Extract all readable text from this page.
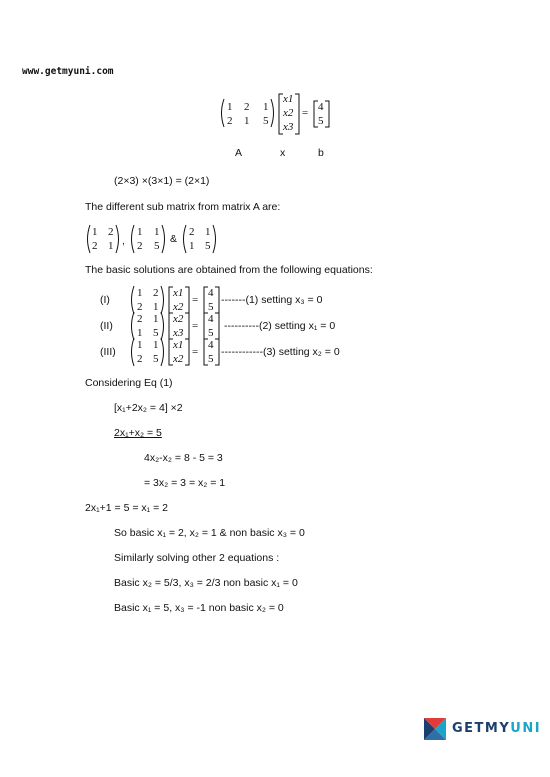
www.getmyuni.com
1 2 1
2 1 5
x1
x2
x3
= 4
5
A	x	b
(2×3) ×(3×1) = (2×1)
The different sub matrix from matrix A are:
1 2
2 1 ,
1 1
2 5
&
2 1
1 5
The basic solutions are obtained from the following equations:
(I)
1 2
2 1
x1
x2
=
4
5
-------(1) setting x₃ = 0
(II)
2 1
1 5
x2
x3
=
4
5
----------(2) setting x₁ = 0
(III)
1 1
2 5
x1
x2
=
4
5
------------(3) setting x₂ = 0
Considering Eq (1)
[x₁+2x₂ = 4] ×2
2x₁+x₂ = 5
4x₂-x₂ = 8 - 5 = 3
= 3x₂ = 3 = x₂ = 1
2x₁+1 = 5 = x₁ = 2
So basic x₁ = 2, x₂ = 1 & non basic x₃ = 0
Similarly solving other 2 equations :
Basic x₂ = 5/3, x₃ = 2/3 non basic x₁ = 0
Basic x₁ = 5, x₃ = -1 non basic x₂ = 0
GETMYUNI
